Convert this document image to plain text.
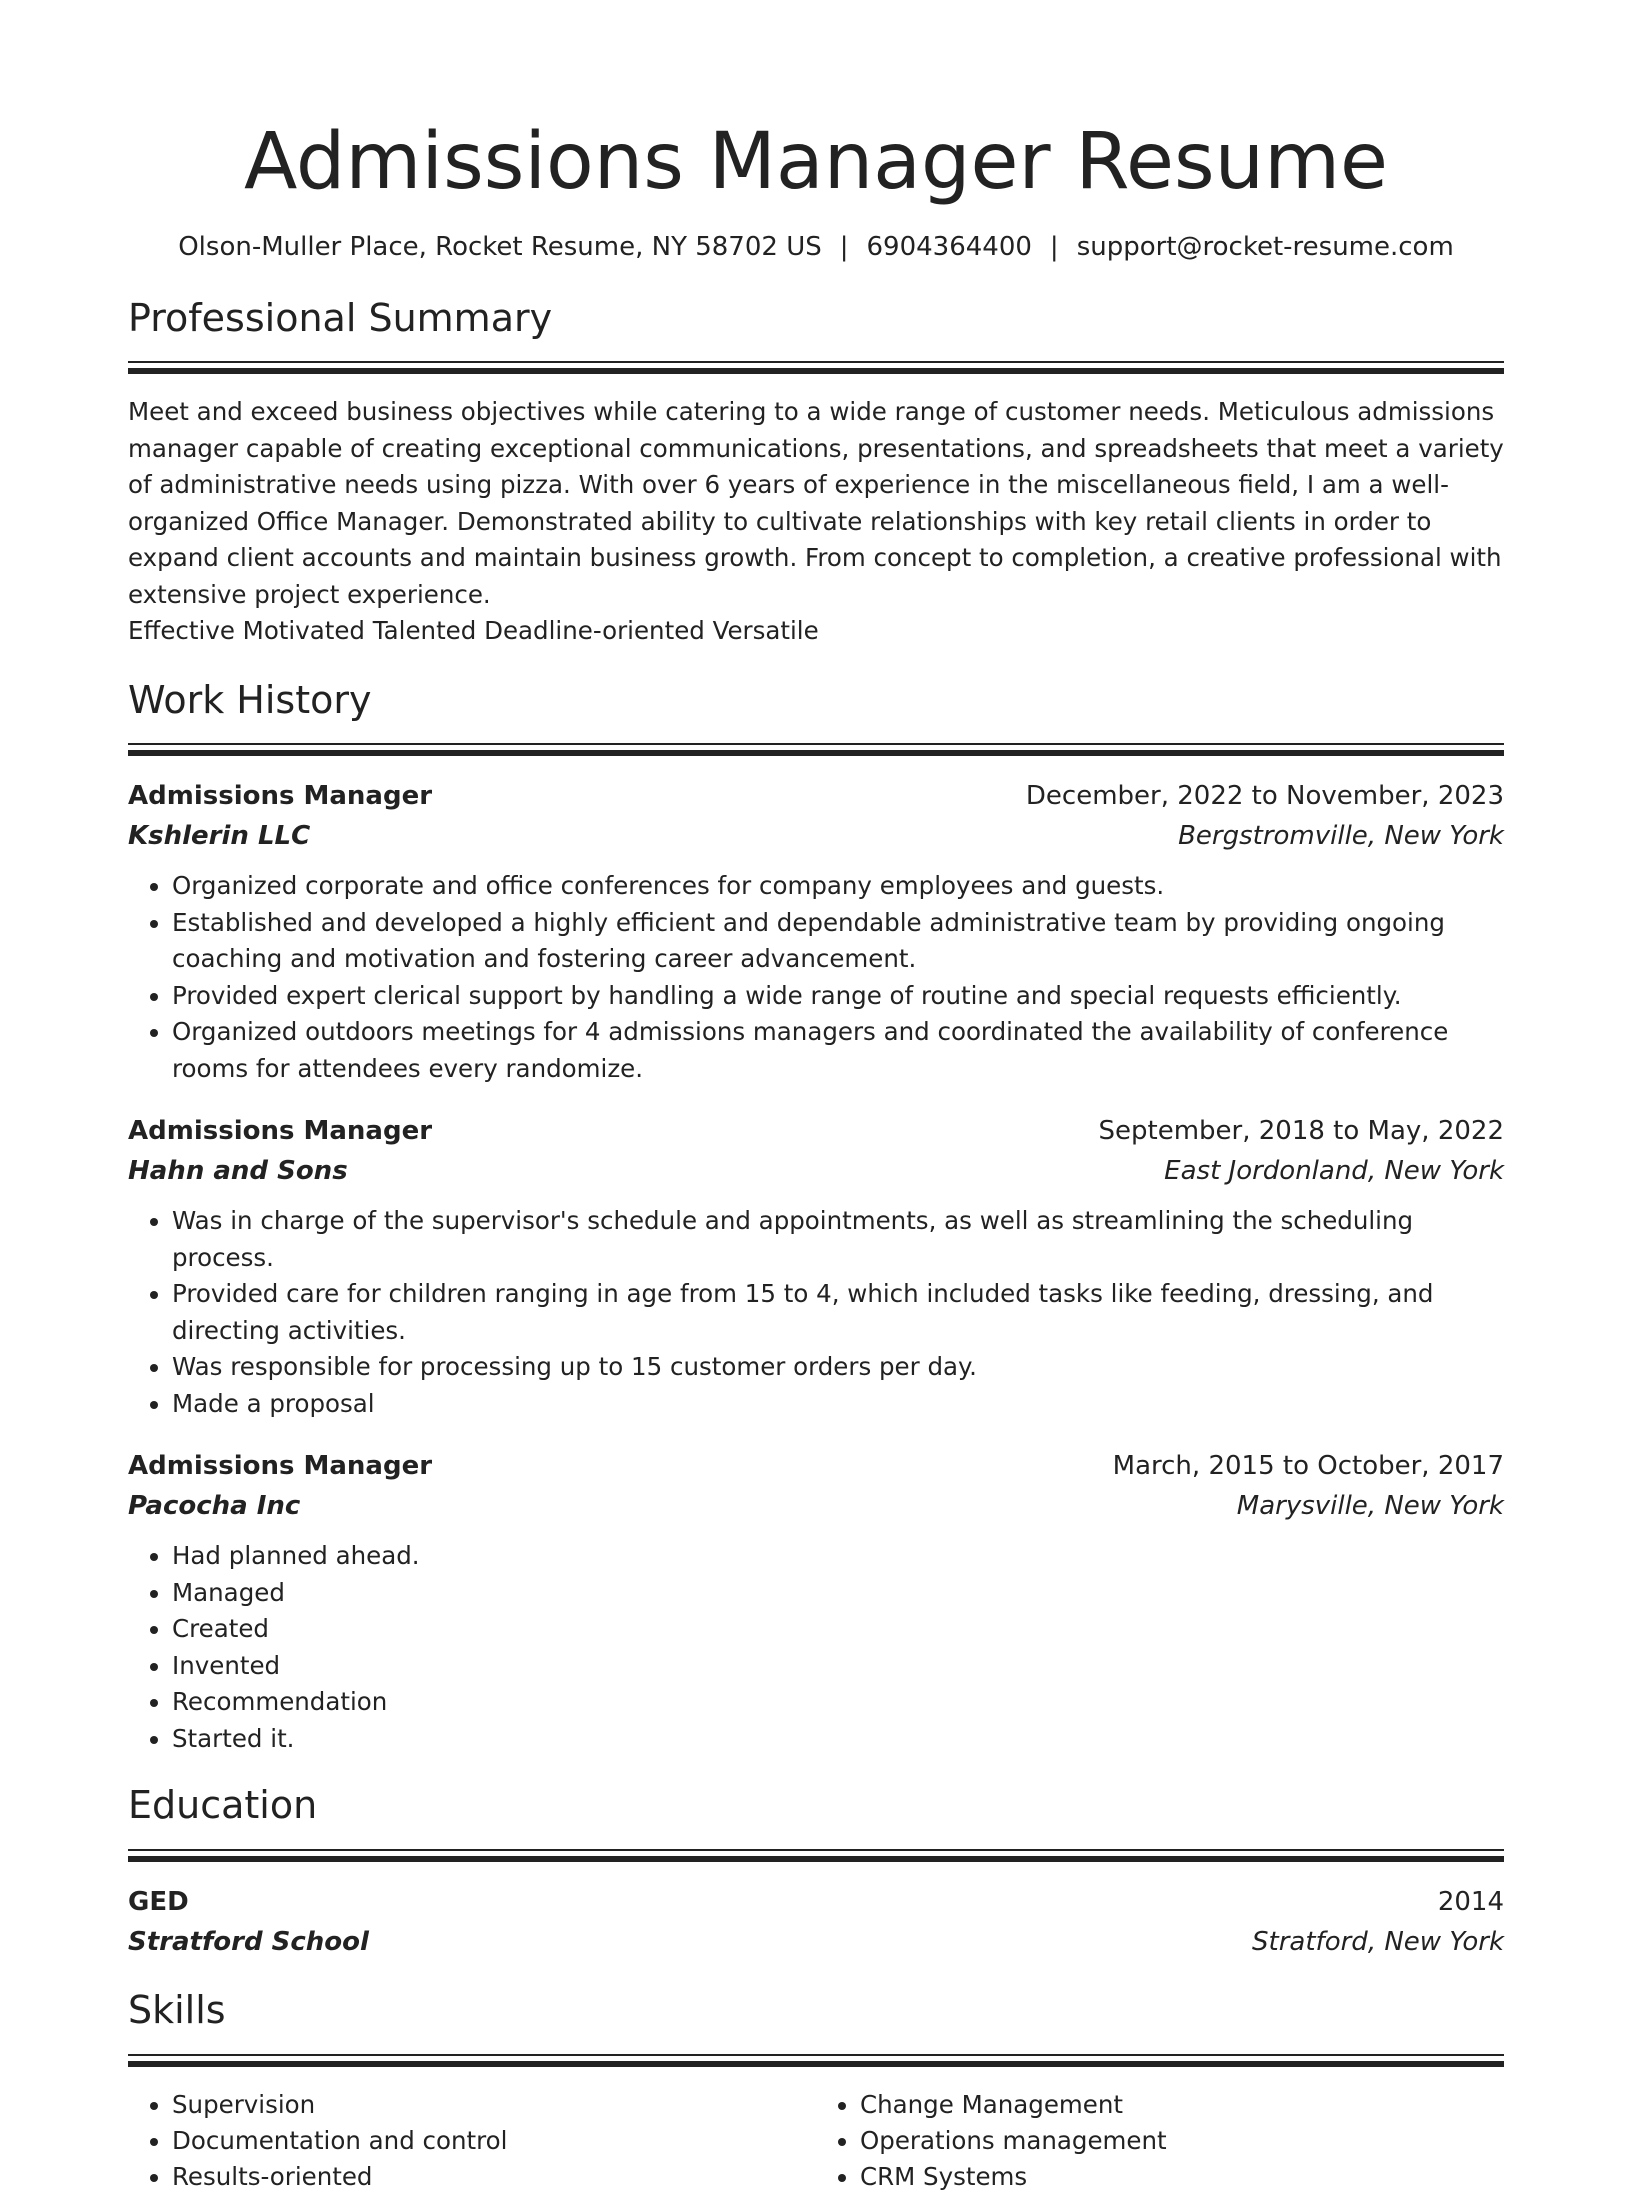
Admissions Manager Resume
Olson-Muller Place, Rocket Resume, NY 58702 US | 6904364400 | support@rocket-resume.com
Professional Summary

Meet and exceed business objectives while catering to a wide range of customer needs. Meticulous admissions manager capable of creating exceptional communications, presentations, and spreadsheets that meet a variety of administrative needs using pizza. With over 6 years of experience in the miscellaneous field, I am a well-organized Office Manager. Demonstrated ability to cultivate relationships with key retail clients in order to expand client accounts and maintain business growth. From concept to completion, a creative professional with extensive project experience.
Effective Motivated Talented Deadline-oriented Versatile

Work History
Admissions Manager	December, 2022 to November, 2023
Kshlerin LLC	Bergstromville, New York
• Organized corporate and office conferences for company employees and guests.
• Established and developed a highly efficient and dependable administrative team by providing ongoing coaching and motivation and fostering career advancement.
• Provided expert clerical support by handling a wide range of routine and special requests efficiently.
• Organized outdoors meetings for 4 admissions managers and coordinated the availability of conference rooms for attendees every randomize.
Admissions Manager	September, 2018 to May, 2022
Hahn and Sons	East Jordonland, New York
• Was in charge of the supervisor's schedule and appointments, as well as streamlining the scheduling process.
• Provided care for children ranging in age from 15 to 4, which included tasks like feeding, dressing, and directing activities.
• Was responsible for processing up to 15 customer orders per day.
• Made a proposal
Admissions Manager	March, 2015 to October, 2017
Pacocha Inc	Marysville, New York
• Had planned ahead.
• Managed
• Created
• Invented
• Recommendation
• Started it.
Education
GED	2014
Stratford School	Stratford, New York
Skills
• Supervision
• Documentation and control
• Results-oriented
• Change Management
• Operations management
• CRM Systems
